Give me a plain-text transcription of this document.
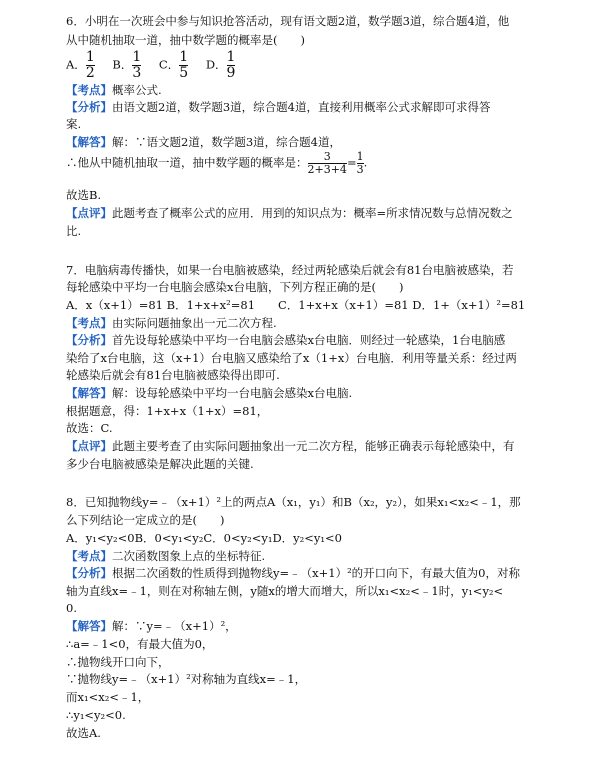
6．小明在一次班会中参与知识抢答活动，现有语文题2道，数学题3道，综合题4道，他
从中随机抽取一道，抽中数学题的概率是(　　)
A． $\frac{1}{2}$ B． $\frac{1}{3}$ C． $\frac{1}{5}$ D． $\frac{1}{9}$
【考点】概率公式.
【分析】由语文题2道，数学题3道，综合题4道，直接利用概率公式求解即可求得答
案.
【解答】解：∵语文题2道，数学题3道，综合题4道，
∴他从中随机抽取一道，抽中数学题的概率是： $\frac{3}{2+3+4} = \frac{1}{3}$ .
故选B.
【点评】此题考查了概率公式的应用．用到的知识点为：概率=所求情况数与总情况数之
比.
7．电脑病毒传播快，如果一台电脑被感染，经过两轮感染后就会有81台电脑被感染，若
每轮感染中平均一台电脑会感染x台电脑，下列方程正确的是(　　)
A．x（x+1）=81 B．1+x+x²=81　　C．1+x+x（x+1）=81 D．1+（x+1）²=81
【考点】由实际问题抽象出一元二次方程.
【分析】首先设每轮感染中平均一台电脑会感染x台电脑．则经过一轮感染，1台电脑感
染给了x台电脑，这（x+1）台电脑又感染给了x（1+x）台电脑．利用等量关系：经过两
轮感染后就会有81台电脑被感染得出即可.
【解答】解：设每轮感染中平均一台电脑会感染x台电脑.
根据题意，得：1+x+x（1+x）=81，
故选：C.
【点评】此题主要考查了由实际问题抽象出一元二次方程，能够正确表示每轮感染中，有
多少台电脑被感染是解决此题的关键.
8．已知抛物线y=﹣（x+1）²上的两点A（x₁，y₁）和B（x₂，y₂），如果x₁<x₂<﹣1，那
么下列结论一定成立的是(　　)
A．y₁<y₂<0B．0<y₁<y₂C．0<y₂<y₁D．y₂<y₁<0
【考点】二次函数图象上点的坐标特征.
【分析】根据二次函数的性质得到抛物线y=﹣（x+1）²的开口向下，有最大值为0，对称
轴为直线x=﹣1，则在对称轴左侧，y随x的增大而增大，所以x₁<x₂<﹣1时，y₁<y₂<
0.
【解答】解：∵y=﹣（x+1）²，
∴a=﹣1<0，有最大值为0，
∴抛物线开口向下，
∵抛物线y=﹣（x+1）²对称轴为直线x=﹣1，
而x₁<x₂<﹣1，
∴y₁<y₂<0.
故选A.
